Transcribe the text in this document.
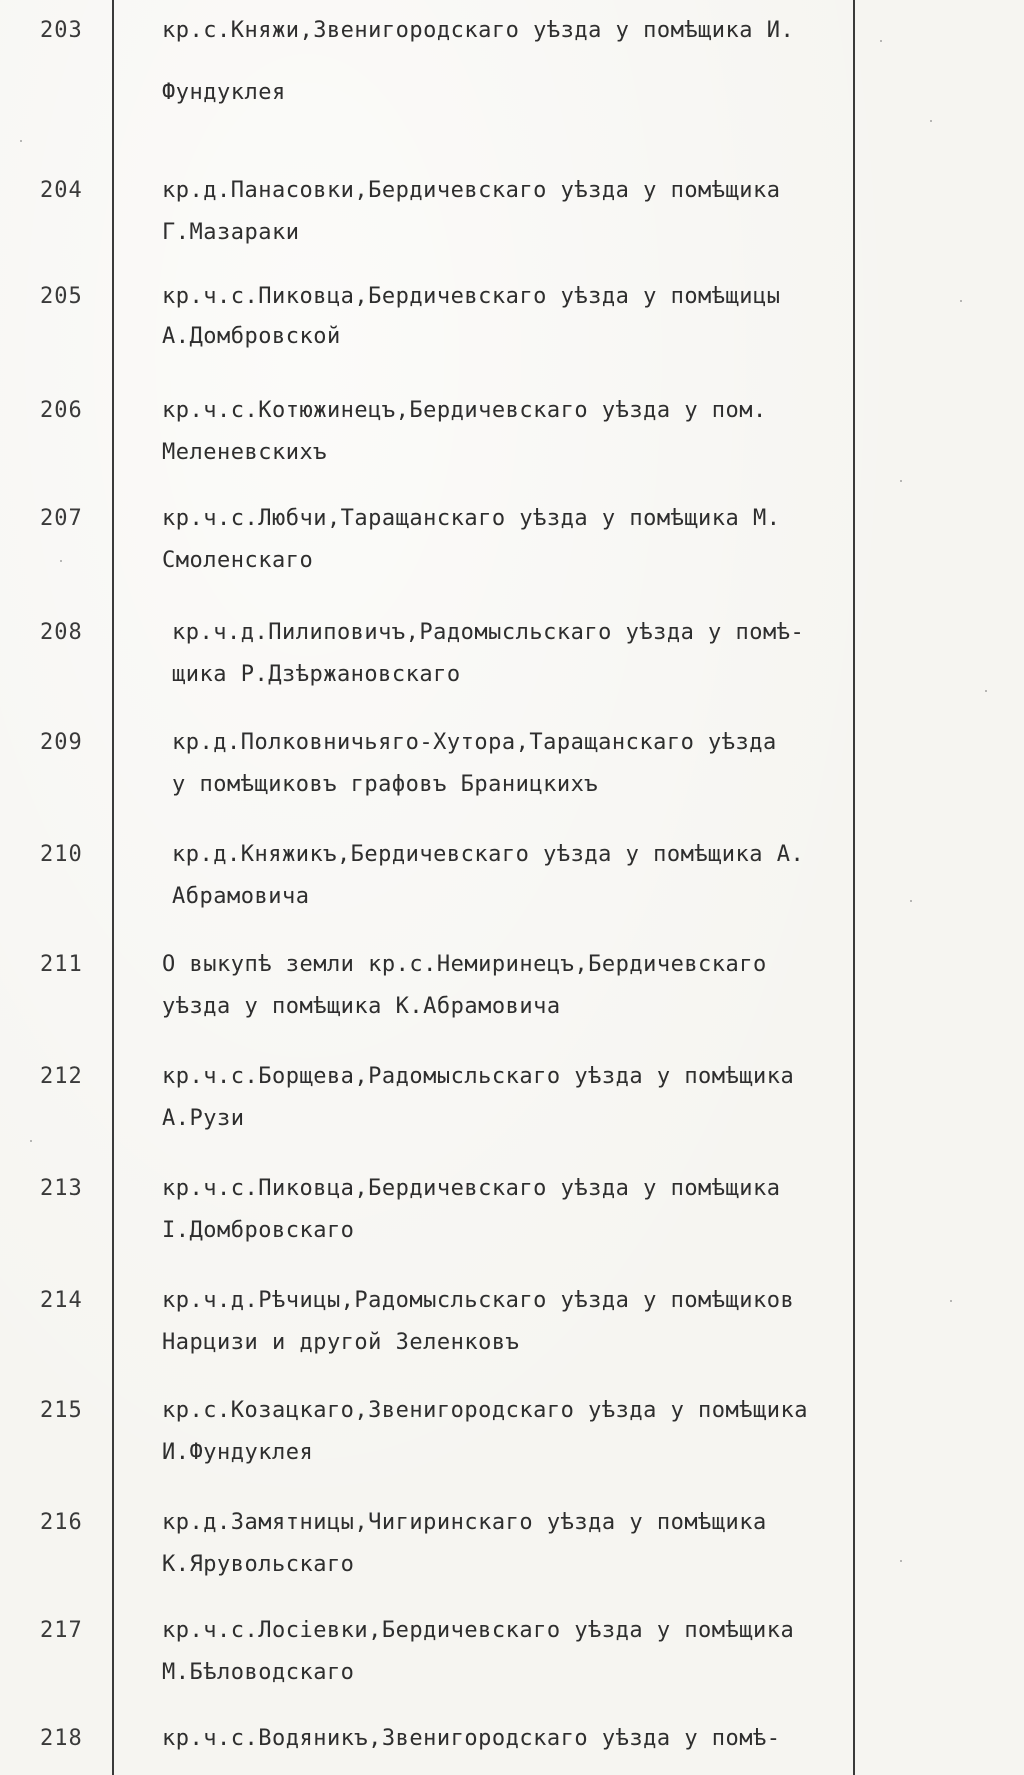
203	кр.с.Княжи,Звенигородскаго уѣзда у помѣщика И.
Фундуклея
204	кр.д.Панасовки,Бердичевскаго уѣзда у помѣщика
Г.Мазараки
205	кр.ч.с.Пиковца,Бердичевскаго уѣзда у помѣщицы
А.Домбровской
206	кр.ч.с.Котюжинецъ,Бердичевскаго уѣзда у пом.
Меленевскихъ
207	кр.ч.с.Любчи,Таращанскаго уѣзда у помѣщика М.
Смоленскаго
208	кр.ч.д.Пилиповичъ,Радомысльскаго уѣзда у помѣ-
щика Р.Дзѣржановскаго
209	кр.д.Полковничьяго-Хутора,Таращанскаго уѣзда
у помѣщиковъ графовъ Браницкихъ
210	кр.д.Княжикъ,Бердичевскаго уѣзда у помѣщика А.
Абрамовича
211	О выкупѣ земли кр.с.Немиринецъ,Бердичевскаго
уѣзда у помѣщика К.Абрамовича
212	кр.ч.с.Борщева,Радомысльскаго уѣзда у помѣщика
А.Рузи
213	кр.ч.с.Пиковца,Бердичевскаго уѣзда у помѣщика
І.Домбровскаго
214	кр.ч.д.Рѣчицы,Радомысльскаго уѣзда у помѣщиков
Нарцизи и другой Зеленковъ
215	кр.с.Козацкаго,Звенигородскаго уѣзда у помѣщика
И.Фундуклея
216	кр.д.Замятницы,Чигиринскаго уѣзда у помѣщика
К.Ярувольскаго
217	кр.ч.с.Лосіевки,Бердичевскаго уѣзда у помѣщика
М.Бѣловодскаго
218	кр.ч.с.Водяникъ,Звенигородскаго уѣзда у помѣ-
